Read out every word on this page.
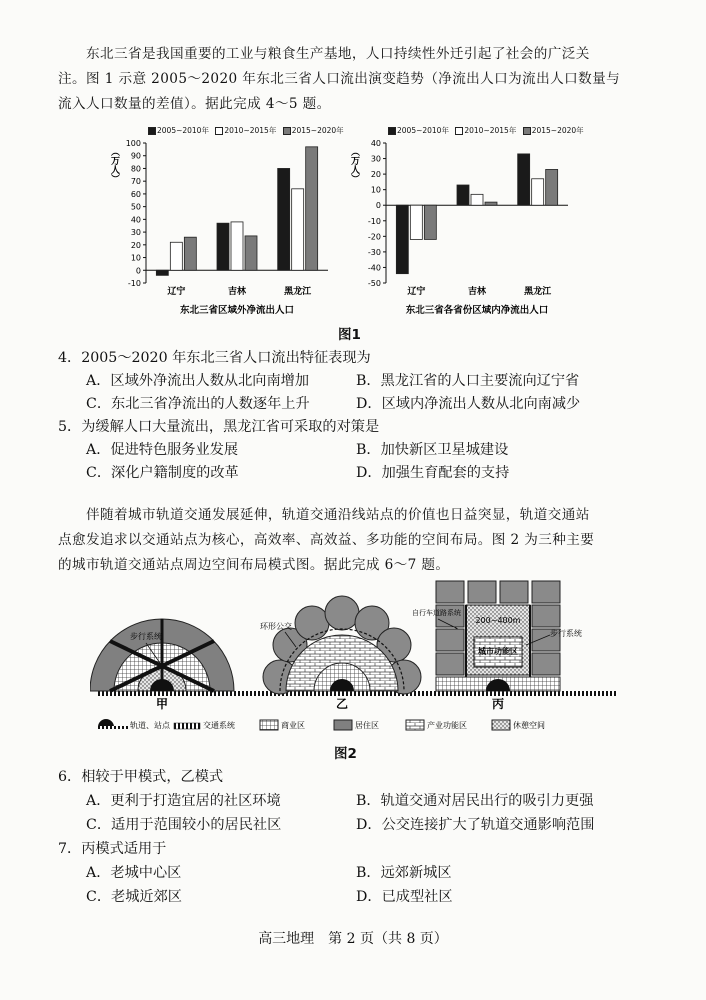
东北三省是我国重要的工业与粮食生产基地，人口持续性外迁引起了社会的广泛关
注。图 1 示意 2005～2020 年东北三省人口流出演变趋势（净流出人口为流出人口数量与
流入人口数量的差值）。据此完成 4～5 题。
2005~2010年 2010~2015年 2015~2020年	2005~2010年 2010~2015年 2015~2020年
-10
0
10
20
30
40
50
60
70
80
90
100
（万人）
辽宁	吉林	黑龙江
东北三省区域外净流出人口
-50
-40
-30
-20
-10
0
10
20
30
40
（万人）
辽宁	吉林	黑龙江
东北三省各省份区域内净流出人口
图1
4．2005～2020 年东北三省人口流出特征表现为
A．区域外净流出人数从北向南增加	B．黑龙江省的人口主要流向辽宁省
C．东北三省净流出的人数逐年上升	D．区域内净流出人数从北向南减少
5．为缓解人口大量流出，黑龙江省可采取的对策是
A．促进特色服务业发展	B．加快新区卫星城建设
C．深化户籍制度的改革	D．加强生育配套的支持
伴随着城市轨道交通发展延伸，轨道交通沿线站点的价值也日益突显，轨道交通站
点愈发追求以交通站点为核心，高效率、高效益、多功能的空间布局。图 2 为三种主要
的城市轨道交通站点周边空间布局模式图。据此完成 6～7 题。
步行系统
甲
环形公交
乙
自行车道路系统
200~400m
步行系统
城市功能区
丙
轨道、站点	交通系统	商业区	居住区	产业功能区	休憩空间
图2
6．相较于甲模式，乙模式
A．更利于打造宜居的社区环境	B．轨道交通对居民出行的吸引力更强
C．适用于范围较小的居民社区	D．公交连接扩大了轨道交通影响范围
7．丙模式适用于
A．老城中心区	B．远郊新城区
C．老城近郊区	D．已成型社区
高三地理　第 2 页（共 8 页）
